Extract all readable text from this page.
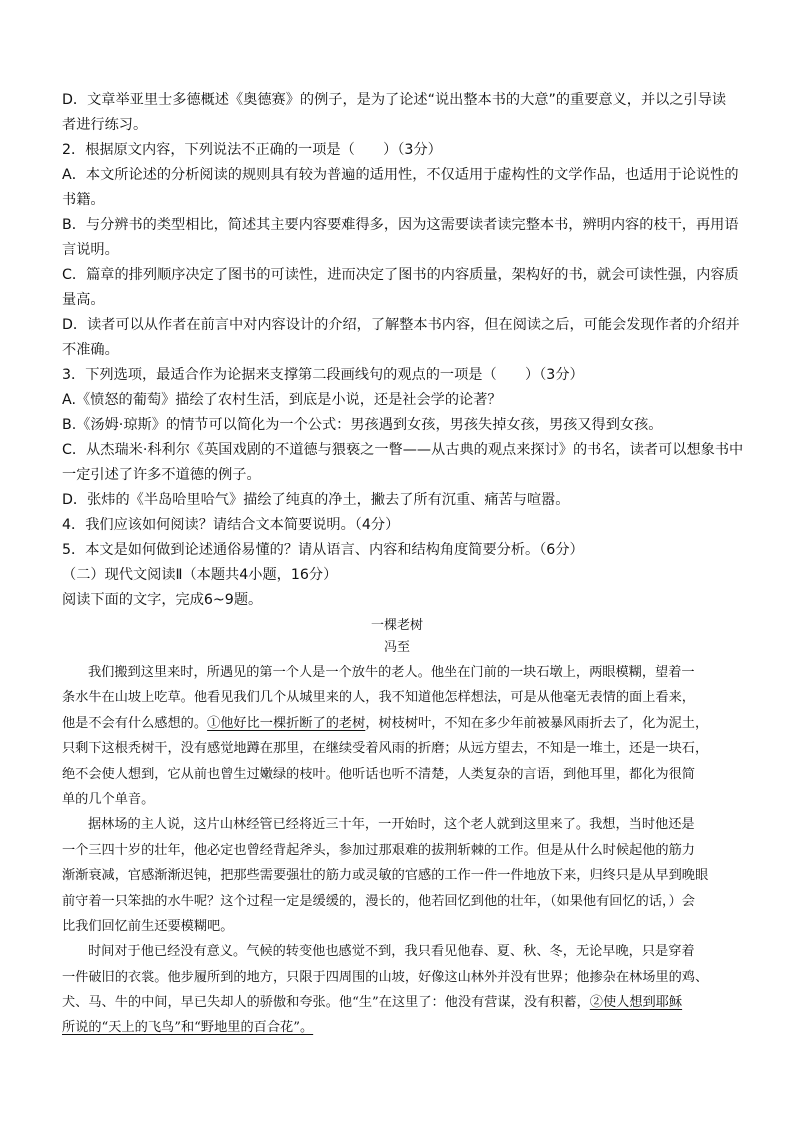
D．文章举亚里士多德概述《奥德赛》的例子，是为了论述“说出整本书的大意”的重要意义，并以之引导读
者进行练习。
2．根据原文内容，下列说法不正确的一项是（　　）（3分）
A．本文所论述的分析阅读的规则具有较为普遍的适用性，不仅适用于虚构性的文学作品，也适用于论说性的
书籍。
B．与分辨书的类型相比，简述其主要内容要难得多，因为这需要读者读完整本书，辨明内容的枝干，再用语
言说明。
C．篇章的排列顺序决定了图书的可读性，进而决定了图书的内容质量，架构好的书，就会可读性强，内容质
量高。
D．读者可以从作者在前言中对内容设计的介绍，了解整本书内容，但在阅读之后，可能会发现作者的介绍并
不准确。
3．下列选项，最适合作为论据来支撑第二段画线句的观点的一项是（　　）（3分）
A.《愤怒的葡萄》描绘了农村生活，到底是小说，还是社会学的论著？
B.《汤姆·琼斯》的情节可以简化为一个公式：男孩遇到女孩，男孩失掉女孩，男孩又得到女孩。
C．从杰瑞米·科利尔《英国戏剧的不道德与猥亵之一瞥——从古典的观点来探讨》的书名，读者可以想象书中
一定引述了许多不道德的例子。
D．张炜的《半岛哈里哈气》描绘了纯真的净土，撇去了所有沉重、痛苦与喧嚣。
4．我们应该如何阅读？请结合文本简要说明。（4分）
5．本文是如何做到论述通俗易懂的？请从语言、内容和结构角度简要分析。（6分）
（二）现代文阅读Ⅱ（本题共4小题，16分）
阅读下面的文字，完成6~9题。
一棵老树
冯至
我们搬到这里来时，所遇见的第一个人是一个放牛的老人。他坐在门前的一块石墩上，两眼模糊，望着一
条水牛在山坡上吃草。他看见我们几个从城里来的人，我不知道他怎样想法，可是从他毫无表情的面上看来，
他是不会有什么感想的。①他好比一棵折断了的老树，树枝树叶，不知在多少年前被暴风雨折去了，化为泥土，
只剩下这根秃树干，没有感觉地蹲在那里，在继续受着风雨的折磨；从远方望去，不知是一堆土，还是一块石，
绝不会使人想到，它从前也曾生过嫩绿的枝叶。他听话也听不清楚，人类复杂的言语，到他耳里，都化为很简
单的几个单音。
据林场的主人说，这片山林经管已经将近三十年，一开始时，这个老人就到这里来了。我想，当时他还是
一个三四十岁的壮年，他必定也曾经背起斧头，参加过那艰难的拔荆斩棘的工作。但是从什么时候起他的筋力
渐渐衰减，官感渐渐迟钝，把那些需要强壮的筋力或灵敏的官感的工作一件一件地放下来，归终只是从早到晚眼
前守着一只笨拙的水牛呢？这个过程一定是缓缓的，漫长的，他若回忆到他的壮年，（如果他有回忆的话，）会
比我们回忆前生还要模糊吧。
时间对于他已经没有意义。气候的转变他也感觉不到，我只看见他春、夏、秋、冬，无论早晚，只是穿着
一件破旧的衣裳。他步履所到的地方，只限于四周围的山坡，好像这山林外并没有世界；他掺杂在林场里的鸡、
犬、马、牛的中间，早已失却人的骄傲和夸张。他“生”在这里了：他没有营谋，没有积蓄，②使人想到耶稣
所说的“天上的飞鸟”和“野地里的百合花”。
